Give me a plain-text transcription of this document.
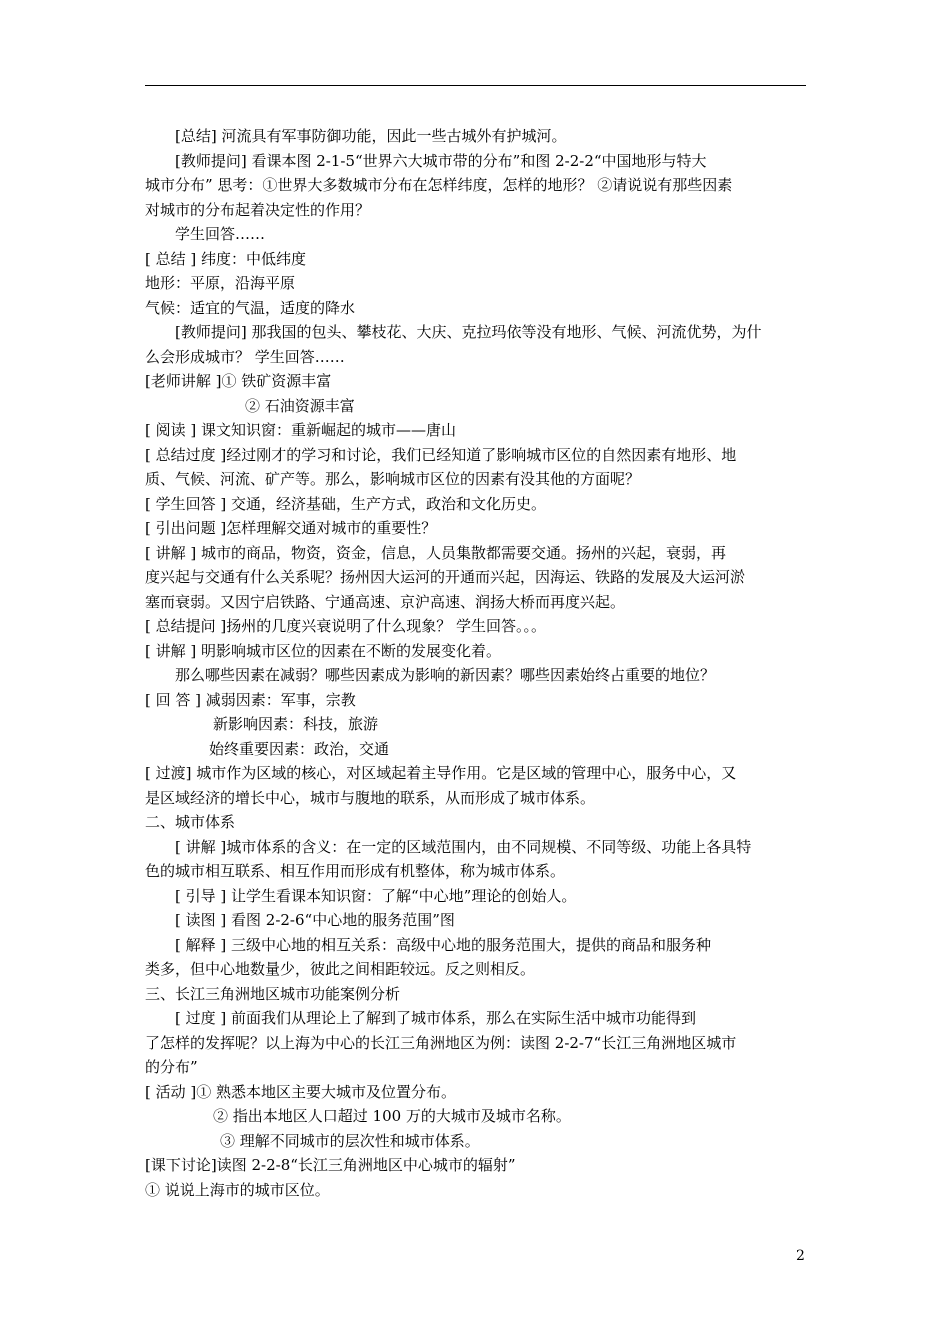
[总结] 河流具有军事防御功能，因此一些古城外有护城河。

[教师提问] 看课本图 2-1-5“世界六大城市带的分布”和图 2-2-2“中国地形与特大

城市分布” 思考：①世界大多数城市分布在怎样纬度，怎样的地形？ ②请说说有那些因素

对城市的分布起着决定性的作用？

学生回答……

[ 总结 ] 纬度：中低纬度

地形：平原，沿海平原

气候：适宜的气温，适度的降水

[教师提问] 那我国的包头、攀枝花、大庆、克拉玛依等没有地形、气候、河流优势，为什

么会形成城市？ 学生回答……

[老师讲解 ]① 铁矿资源丰富

② 石油资源丰富

[ 阅读 ] 课文知识窗：重新崛起的城市——唐山

[ 总结过度 ]经过刚才的学习和讨论，我们已经知道了影响城市区位的自然因素有地形、地

质、气候、河流、矿产等。那么，影响城市区位的因素有没其他的方面呢？

[ 学生回答 ] 交通，经济基础，生产方式，政治和文化历史。

[ 引出问题 ]怎样理解交通对城市的重要性？

[ 讲解 ] 城市的商品，物资，资金，信息，人员集散都需要交通。扬州的兴起，衰弱，再

度兴起与交通有什么关系呢？扬州因大运河的开通而兴起，因海运、铁路的发展及大运河淤

塞而衰弱。又因宁启铁路、宁通高速、京沪高速、润扬大桥而再度兴起。

[ 总结提问 ]扬州的几度兴衰说明了什么现象？ 学生回答。。。

[ 讲解 ] 明影响城市区位的因素在不断的发展变化着。

那么哪些因素在减弱？哪些因素成为影响的新因素？哪些因素始终占重要的地位？

[ 回 答 ] 减弱因素：军事，宗教

新影响因素：科技，旅游

始终重要因素：政治，交通

[ 过渡] 城市作为区域的核心，对区域起着主导作用。它是区域的管理中心，服务中心，又

是区域经济的增长中心，城市与腹地的联系，从而形成了城市体系。

二、城市体系

[ 讲解 ]城市体系的含义：在一定的区域范围内，由不同规模、不同等级、功能上各具特

色的城市相互联系、相互作用而形成有机整体，称为城市体系。

[ 引导 ] 让学生看课本知识窗：了解“中心地”理论的创始人。

[ 读图 ] 看图 2-2-6“中心地的服务范围”图

[ 解释 ] 三级中心地的相互关系：高级中心地的服务范围大，提供的商品和服务种

类多，但中心地数量少，彼此之间相距较远。反之则相反。

三、长江三角洲地区城市功能案例分析

[ 过度 ] 前面我们从理论上了解到了城市体系，那么在实际生活中城市功能得到

了怎样的发挥呢？以上海为中心的长江三角洲地区为例：读图 2-2-7“长江三角洲地区城市

的分布”

[ 活动 ]① 熟悉本地区主要大城市及位置分布。

② 指出本地区人口超过 100 万的大城市及城市名称。

③ 理解不同城市的层次性和城市体系。

[课下讨论]读图 2-2-8“长江三角洲地区中心城市的辐射”

① 说说上海市的城市区位。

2
